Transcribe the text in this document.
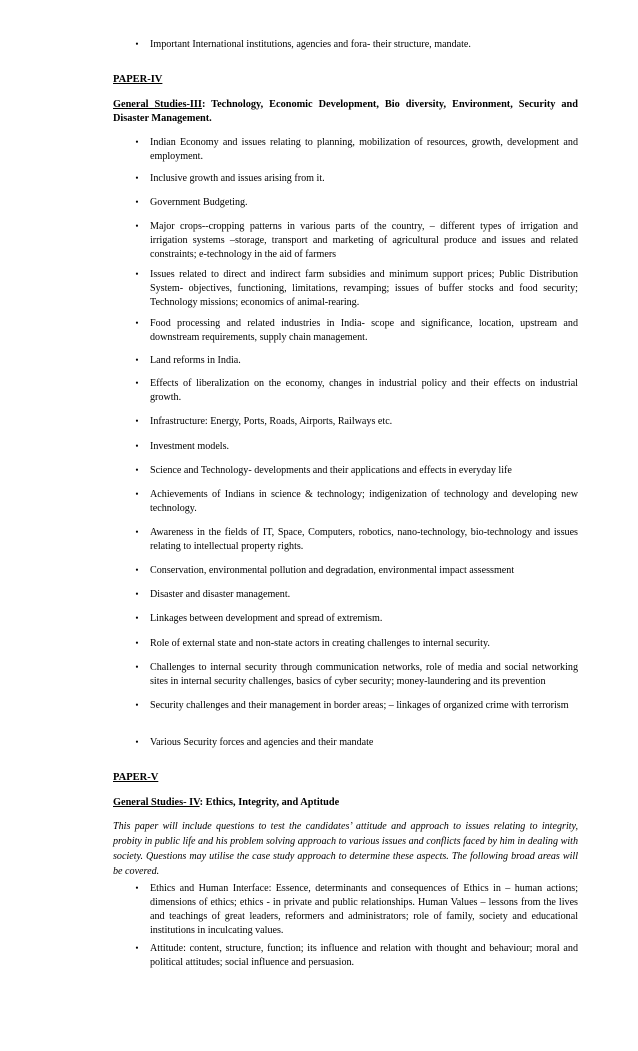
•	Important International institutions, agencies and fora- their structure, mandate.
PAPER-IV
General Studies-III: Technology, Economic Development, Bio diversity, Environment, Security and Disaster Management.
•	Indian Economy and issues relating to planning, mobilization of resources, growth, development and employment.
•	Inclusive growth and issues arising from it.
•	Government Budgeting.
•	Major crops--cropping patterns in various parts of the country, – different types of irrigation and irrigation systems –storage, transport and marketing of agricultural produce and issues and related constraints; e-technology in the aid of farmers
•	Issues related to direct and indirect farm subsidies and minimum support prices; Public Distribution System- objectives, functioning, limitations, revamping; issues of buffer stocks and food security; Technology missions; economics of animal-rearing.
•	Food processing and related industries in India- scope and significance, location, upstream and downstream requirements, supply chain management.
•	Land reforms in India.
•	Effects of liberalization on the economy, changes in industrial policy and their effects on industrial growth.
•	Infrastructure: Energy, Ports, Roads, Airports, Railways etc.
•	Investment models.
•	Science and Technology- developments and their applications and effects in everyday life
•	Achievements of Indians in science & technology; indigenization of technology and developing new technology.
•	Awareness in the fields of IT, Space, Computers, robotics, nano-technology, bio-technology and issues relating to intellectual property rights.
•	Conservation, environmental pollution and degradation, environmental impact assessment
•	Disaster and disaster management.
•	Linkages between development and spread of extremism.
•	Role of external state and non-state actors in creating challenges to internal security.
•	Challenges to internal security through communication networks, role of media and social networking sites in internal security challenges, basics of cyber security; money-laundering and its prevention
•	Security challenges and their management in border areas; – linkages of organized crime with terrorism
•	Various Security forces and agencies and their mandate
PAPER-V
General Studies- IV: Ethics, Integrity, and Aptitude
This paper will include questions to test the candidates’ attitude and approach to issues relating to integrity, probity in public life and his problem solving approach to various issues and conflicts faced by him in dealing with society. Questions may utilise the case study approach to determine these aspects. The following broad areas will be covered.
•	Ethics and Human Interface: Essence, determinants and consequences of Ethics in – human actions; dimensions of ethics; ethics - in private and public relationships. Human Values – lessons from the lives and teachings of great leaders, reformers and administrators; role of family, society and educational institutions in inculcating values.
•	Attitude: content, structure, function; its influence and relation with thought and behaviour; moral and political attitudes; social influence and persuasion.
